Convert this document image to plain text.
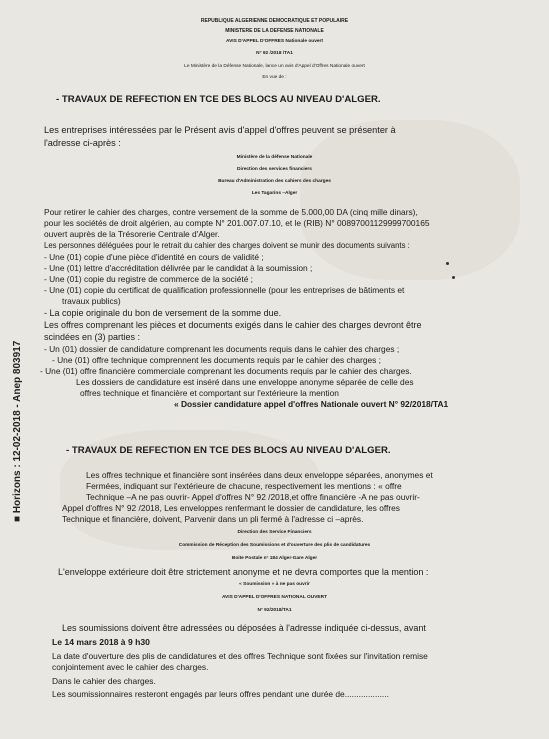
■ Horizons : 12-02-2018 - Anep 803917
REPUBLIQUE ALGERIENNE DEMOCRATIQUE ET POPULAIRE
MINISTERE DE LA DEFENSE NATIONALE
AVIS D'APPEL D'OFFRES Nationale ouvert
N° 92 /2018 /TA1
Le Ministère de la Défense Nationale, lance un avis d'Appel d'Offres Nationale ouvert
En vue de :
- TRAVAUX DE REFECTION EN TCE DES BLOCS AU NIVEAU D'ALGER.
Les entreprises intéressées par le Présent avis d'appel d'offres peuvent se présenter à
l'adresse ci-après :
Ministère de la défense Nationale
Direction des services financiers
Bureau d'Administration des cahiers des charges
Les Tagarins –Alger
Pour retirer le cahier des charges, contre versement de la somme de 5.000,00 DA (cinq mille dinars),
pour les sociétés de droit algérien, au compte N° 201.007.07.10, et le (RIB) N° 00897001129999700165
ouvert auprès de la Trésorerie Centrale d'Alger.
Les personnes déléguées pour le retrait du cahier des charges doivent se munir des documents suivants :
- Une (01) copie d'une pièce d'identité en cours de validité ;
- Une (01) lettre d'accréditation délivrée par le candidat à la soumission ;
- Une (01) copie du registre de commerce de la société ;
- Une (01) copie du certificat de qualification professionnelle (pour les entreprises de bâtiments et
travaux publics)
- La copie originale du bon de versement de la somme due.
Les offres comprenant les pièces et documents exigés dans le cahier des charges devront être
scindées en (3) parties :
- Un (01) dossier de candidature comprenant les documents requis dans le cahier des charges ;
- Une (01) offre technique comprennent les documents requis par le cahier des charges ;
- Une (01) offre financière commerciale comprenant les documents requis par le cahier des charges.
Les dossiers de candidature est inséré dans une enveloppe anonyme séparée de celle des
offres technique et financière et comportant sur l'extérieure la mention
« Dossier candidature appel d'offres Nationale ouvert N° 92/2018/TA1
- TRAVAUX DE REFECTION EN TCE DES BLOCS AU NIVEAU D'ALGER.
Les offres technique et financière sont insérées dans deux enveloppe séparées, anonymes et
Fermées, indiquant sur l'extérieure de chacune, respectivement les mentions : « offre
Technique –A ne pas ouvrir- Appel d'offres N° 92 /2018,et offre financière -A ne pas ouvrir-
Appel d'offres N° 92 /2018, Les enveloppes renfermant le dossier de candidature, les offres
Technique et financière, doivent, Parvenir dans un pli fermé à l'adresse ci –après.
Direction des Service Financiers
Commission de Réception des Soumissions et d'ouverture des plis de candidatures
Boite Postale n° 184 Alger-Gare Alger
L'enveloppe extérieure doit être strictement anonyme et ne devra comportes que la mention :
« Soumission » à ne pas ouvrir
AVIS D'APPEL D'OFFRES NATIONAL OUVERT
N° 92/2018/TA1
Les soumissions doivent être adressées ou déposées à l'adresse indiquée ci-dessus, avant
Le 14 mars 2018 à 9 h30
La date d'ouverture des plis de candidatures et des offres Technique sont fixées sur l'invitation remise
conjointement avec le cahier des charges.
Dans le cahier des charges.
Les soumissionnaires resteront engagés par leurs offres pendant une durée de...................
